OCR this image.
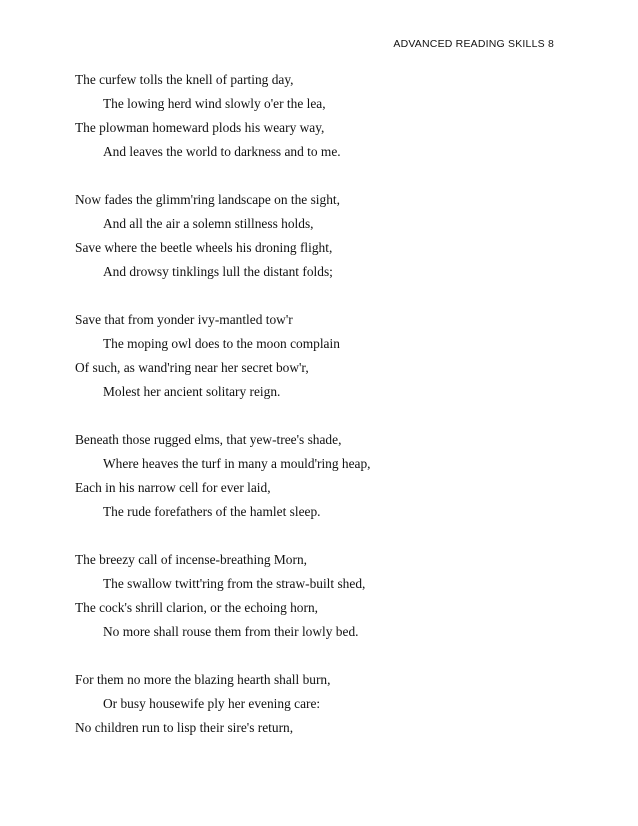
ADVANCED READING SKILLS 8
The curfew tolls the knell of parting day,
The lowing herd wind slowly o'er the lea,
The plowman homeward plods his weary way,
And leaves the world to darkness and to me.
Now fades the glimm'ring landscape on the sight,
And all the air a solemn stillness holds,
Save where the beetle wheels his droning flight,
And drowsy tinklings lull the distant folds;
Save that from yonder ivy-mantled tow'r
The moping owl does to the moon complain
Of such, as wand'ring near her secret bow'r,
Molest her ancient solitary reign.
Beneath those rugged elms, that yew-tree's shade,
Where heaves the turf in many a mould'ring heap,
Each in his narrow cell for ever laid,
The rude forefathers of the hamlet sleep.
The breezy call of incense-breathing Morn,
The swallow twitt'ring from the straw-built shed,
The cock's shrill clarion, or the echoing horn,
No more shall rouse them from their lowly bed.
For them no more the blazing hearth shall burn,
Or busy housewife ply her evening care:
No children run to lisp their sire's return,
